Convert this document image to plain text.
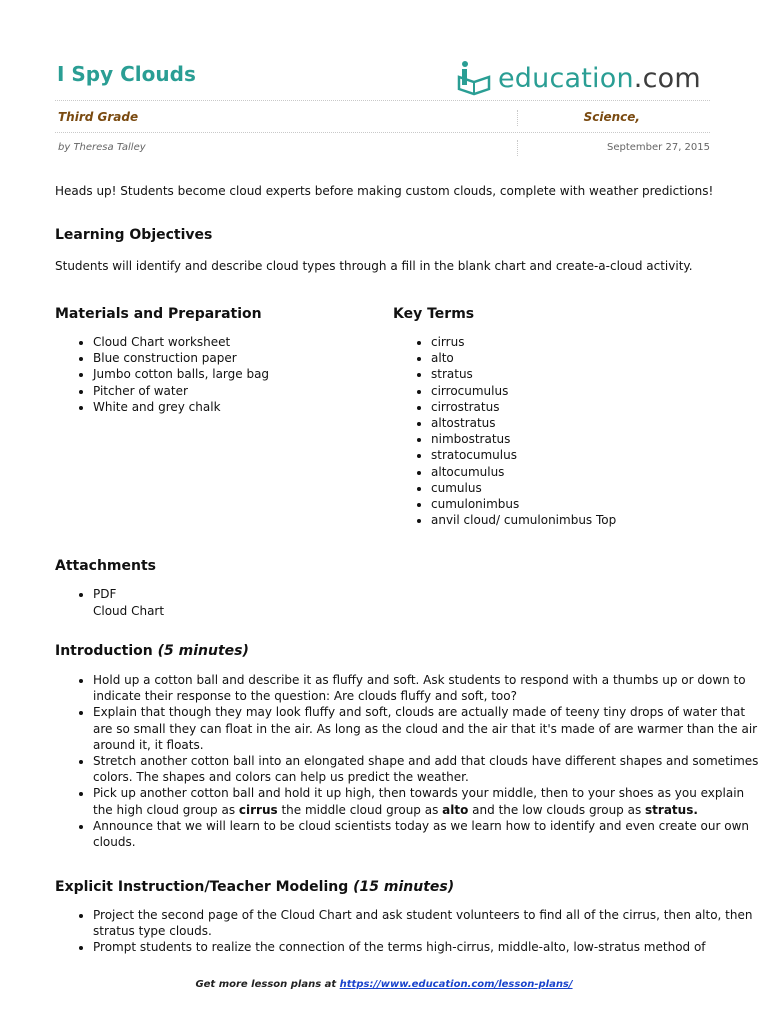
I Spy Clouds	education.com
Third Grade	Science,
by Theresa Talley	September 27, 2015
Heads up! Students become cloud experts before making custom clouds, complete with weather predictions!
Learning Objectives
Students will identify and describe cloud types through a fill in the blank chart and create-a-cloud activity.
Materials and Preparation
• Cloud Chart worksheet
• Blue construction paper
• Jumbo cotton balls, large bag
• Pitcher of water
• White and grey chalk
Key Terms
• cirrus
• alto
• stratus
• cirrocumulus
• cirrostratus
• altostratus
• nimbostratus
• stratocumulus
• altocumulus
• cumulus
• cumulonimbus
• anvil cloud/ cumulonimbus Top
Attachments
• PDF
Cloud Chart
Introduction (5 minutes)
• Hold up a cotton ball and describe it as fluffy and soft. Ask students to respond with a thumbs up or down to indicate their response to the question: Are clouds fluffy and soft, too?
• Explain that though they may look fluffy and soft, clouds are actually made of teeny tiny drops of water that are so small they can float in the air. As long as the cloud and the air that it's made of are warmer than the air around it, it floats.
• Stretch another cotton ball into an elongated shape and add that clouds have different shapes and sometimes colors. The shapes and colors can help us predict the weather.
• Pick up another cotton ball and hold it up high, then towards your middle, then to your shoes as you explain the high cloud group as cirrus the middle cloud group as alto and the low clouds group as stratus.
• Announce that we will learn to be cloud scientists today as we learn how to identify and even create our own clouds.
Explicit Instruction/Teacher Modeling (15 minutes)
• Project the second page of the Cloud Chart and ask student volunteers to find all of the cirrus, then alto, then stratus type clouds.
• Prompt students to realize the connection of the terms high-cirrus, middle-alto, low-stratus method of
Get more lesson plans at https://www.education.com/lesson-plans/
